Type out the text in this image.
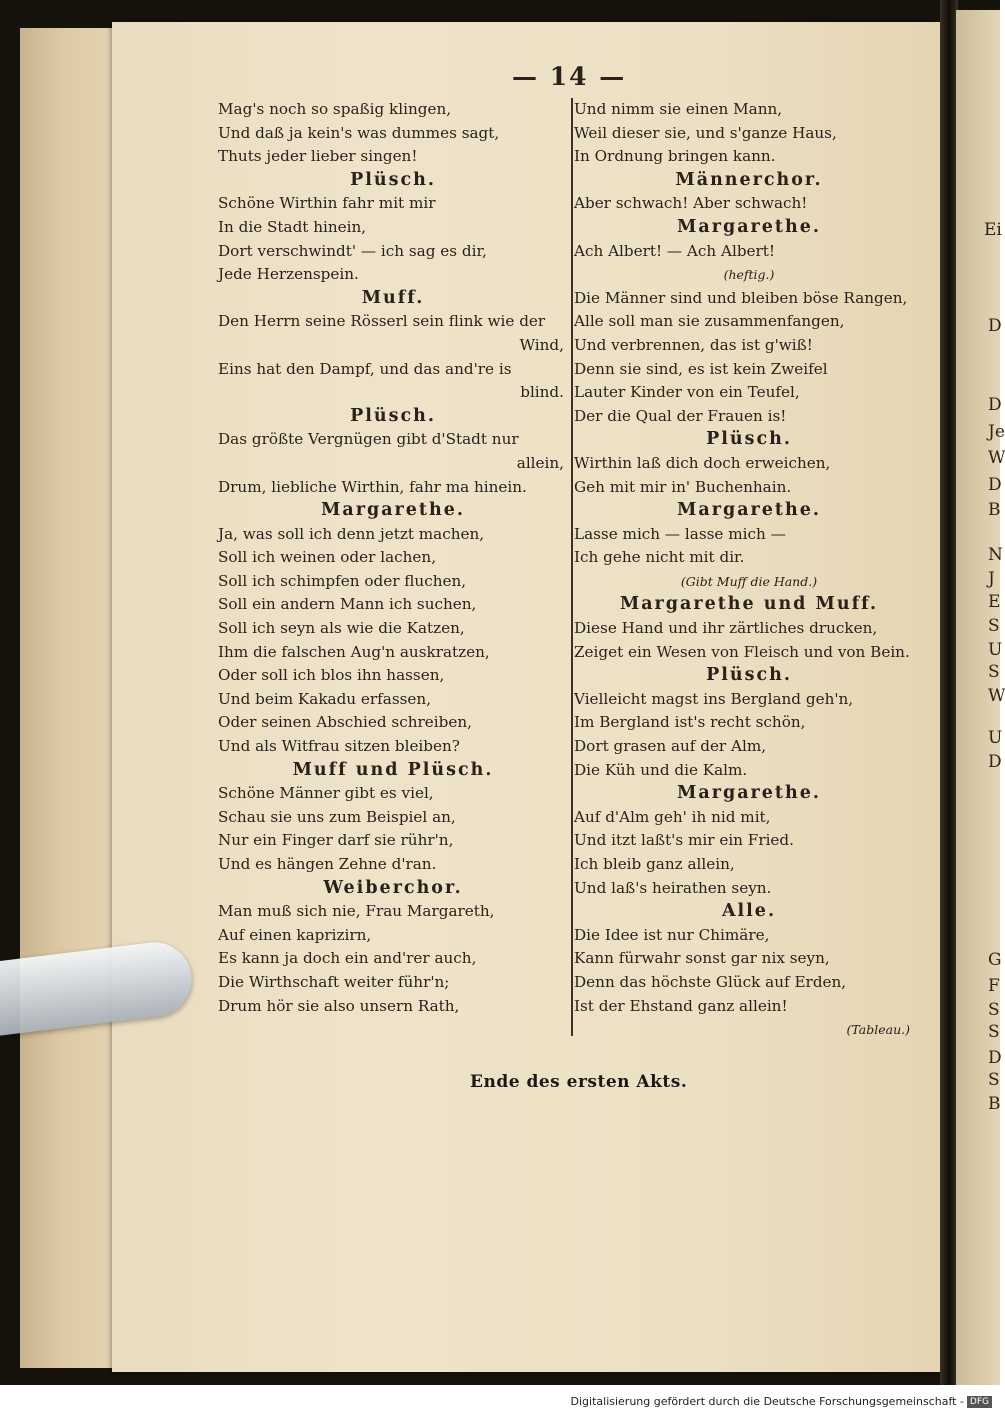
— 14 —
Mag's noch so spaßig klingen,
Und daß ja kein's was dummes sagt,
Thuts jeder lieber singen!
Plüsch.
Schöne Wirthin fahr mit mir
In die Stadt hinein,
Dort verschwindt' — ich sag es dir,
Jede Herzenspein.
Muff.
Den Herrn seine Rösserl sein flink wie der
Wind,
Eins hat den Dampf, und das and're is
blind.
Plüsch.
Das größte Vergnügen gibt d'Stadt nur
allein,
Drum, liebliche Wirthin, fahr ma hinein.
Margarethe.
Ja, was soll ich denn jetzt machen,
Soll ich weinen oder lachen,
Soll ich schimpfen oder fluchen,
Soll ein andern Mann ich suchen,
Soll ich seyn als wie die Katzen,
Ihm die falschen Aug'n auskratzen,
Oder soll ich blos ihn hassen,
Und beim Kakadu erfassen,
Oder seinen Abschied schreiben,
Und als Witfrau sitzen bleiben?
Muff und Plüsch.
Schöne Männer gibt es viel,
Schau sie uns zum Beispiel an,
Nur ein Finger darf sie rühr'n,
Und es hängen Zehne d'ran.
Weiberchor.
Man muß sich nie, Frau Margareth,
Auf einen kaprizirn,
Es kann ja doch ein and'rer auch,
Die Wirthschaft weiter führ'n;
Drum hör sie also unsern Rath,
Und nimm sie einen Mann,
Weil dieser sie, und s'ganze Haus,
In Ordnung bringen kann.
Männerchor.
Aber schwach! Aber schwach!
Margarethe.
Ach Albert! — Ach Albert!
(heftig.)
Die Männer sind und bleiben böse Rangen,
Alle soll man sie zusammenfangen,
Und verbrennen, das ist g'wiß!
Denn sie sind, es ist kein Zweifel
Lauter Kinder von ein Teufel,
Der die Qual der Frauen is!
Plüsch.
Wirthin laß dich doch erweichen,
Geh mit mir in' Buchenhain.
Margarethe.
Lasse mich — lasse mich —
Ich gehe nicht mit dir.
(Gibt Muff die Hand.)
Margarethe und Muff.
Diese Hand und ihr zärtliches drucken,
Zeiget ein Wesen von Fleisch und von Bein.
Plüsch.
Vielleicht magst ins Bergland geh'n,
Im Bergland ist's recht schön,
Dort grasen auf der Alm,
Die Küh und die Kalm.
Margarethe.
Auf d'Alm geh' ih nid mit,
Und itzt laßt's mir ein Fried.
Ich bleib ganz allein,
Und laß's heirathen seyn.
Alle.
Die Idee ist nur Chimäre,
Kann fürwahr sonst gar nix seyn,
Denn das höchste Glück auf Erden,
Ist der Ehstand ganz allein!
(Tableau.)
Ende des ersten Akts.
Ei
D
D
Je
W
D
B
N
J
E
S
U
S
W
U
D
G
F
S
S
D
S
B
Digitalisierung gefördert durch die Deutsche Forschungsgemeinschaft - DFG
